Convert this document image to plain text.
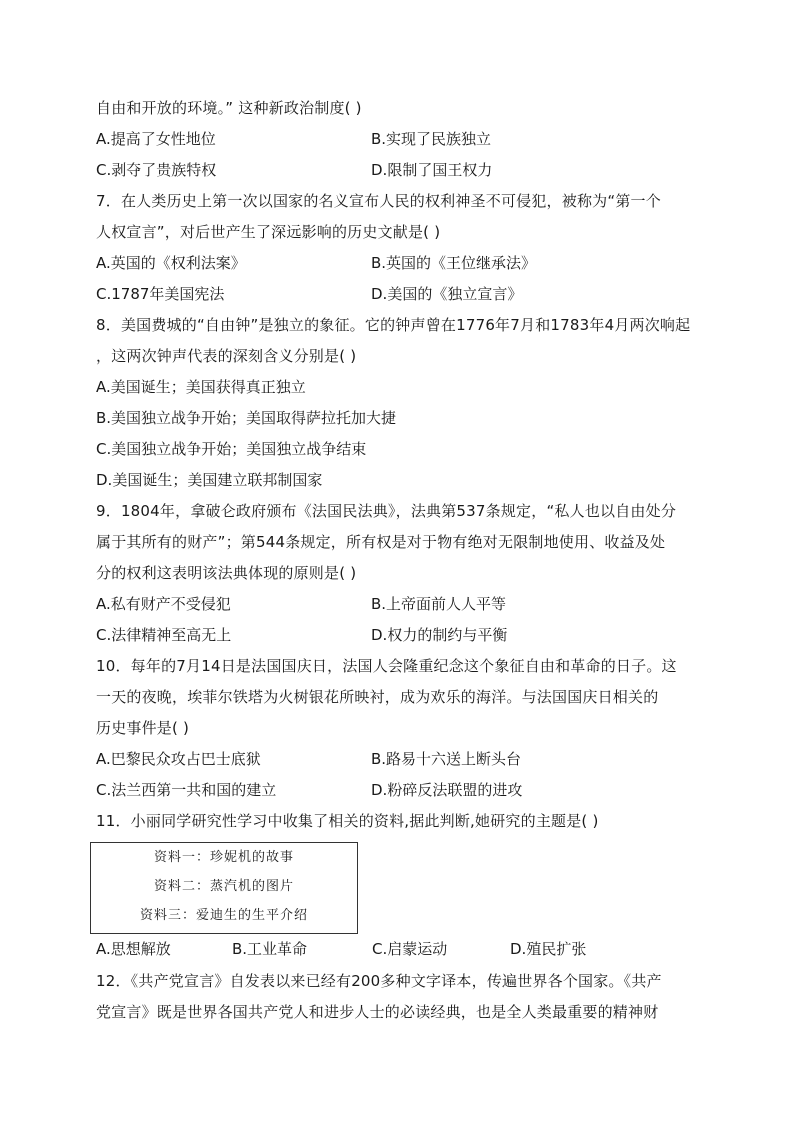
自由和开放的环境。” 这种新政治制度( )
A.提高了女性地位	B.实现了民族独立
C.剥夺了贵族特权	D.限制了国王权力
7．在人类历史上第一次以国家的名义宣布人民的权利神圣不可侵犯，被称为“第一个
人权宣言”，对后世产生了深远影响的历史文献是( )
A.英国的《权利法案》	B.英国的《王位继承法》
C.1787年美国宪法	D.美国的《独立宣言》
8．美国费城的“自由钟”是独立的象征。它的钟声曾在1776年7月和1783年4月两次响起
，这两次钟声代表的深刻含义分别是( )
A.美国诞生；美国获得真正独立
B.美国独立战争开始；美国取得萨拉托加大捷
C.美国独立战争开始；美国独立战争结束
D.美国诞生；美国建立联邦制国家
9．1804年，拿破仑政府颁布《法国民法典》，法典第537条规定，“私人也以自由处分
属于其所有的财产”；第544条规定，所有权是对于物有绝对无限制地使用、收益及处
分的权利这表明该法典体现的原则是( )
A.私有财产不受侵犯	B.上帝面前人人平等
C.法律精神至高无上	D.权力的制约与平衡
10．每年的7月14日是法国国庆日，法国人会隆重纪念这个象征自由和革命的日子。这
一天的夜晚，埃菲尔铁塔为火树银花所映衬，成为欢乐的海洋。与法国国庆日相关的
历史事件是( )
A.巴黎民众攻占巴士底狱	B.路易十六送上断头台
C.法兰西第一共和国的建立	D.粉碎反法联盟的进攻
11．小丽同学研究性学习中收集了相关的资料,据此判断,她研究的主题是( )
资料一：珍妮机的故事
资料二：蒸汽机的图片
资料三：爱迪生的生平介绍
A.思想解放	B.工业革命	C.启蒙运动	D.殖民扩张
12．《共产党宣言》自发表以来已经有200多种文字译本，传遍世界各个国家。《共产
党宣言》既是世界各国共产党人和进步人士的必读经典，也是全人类最重要的精神财
